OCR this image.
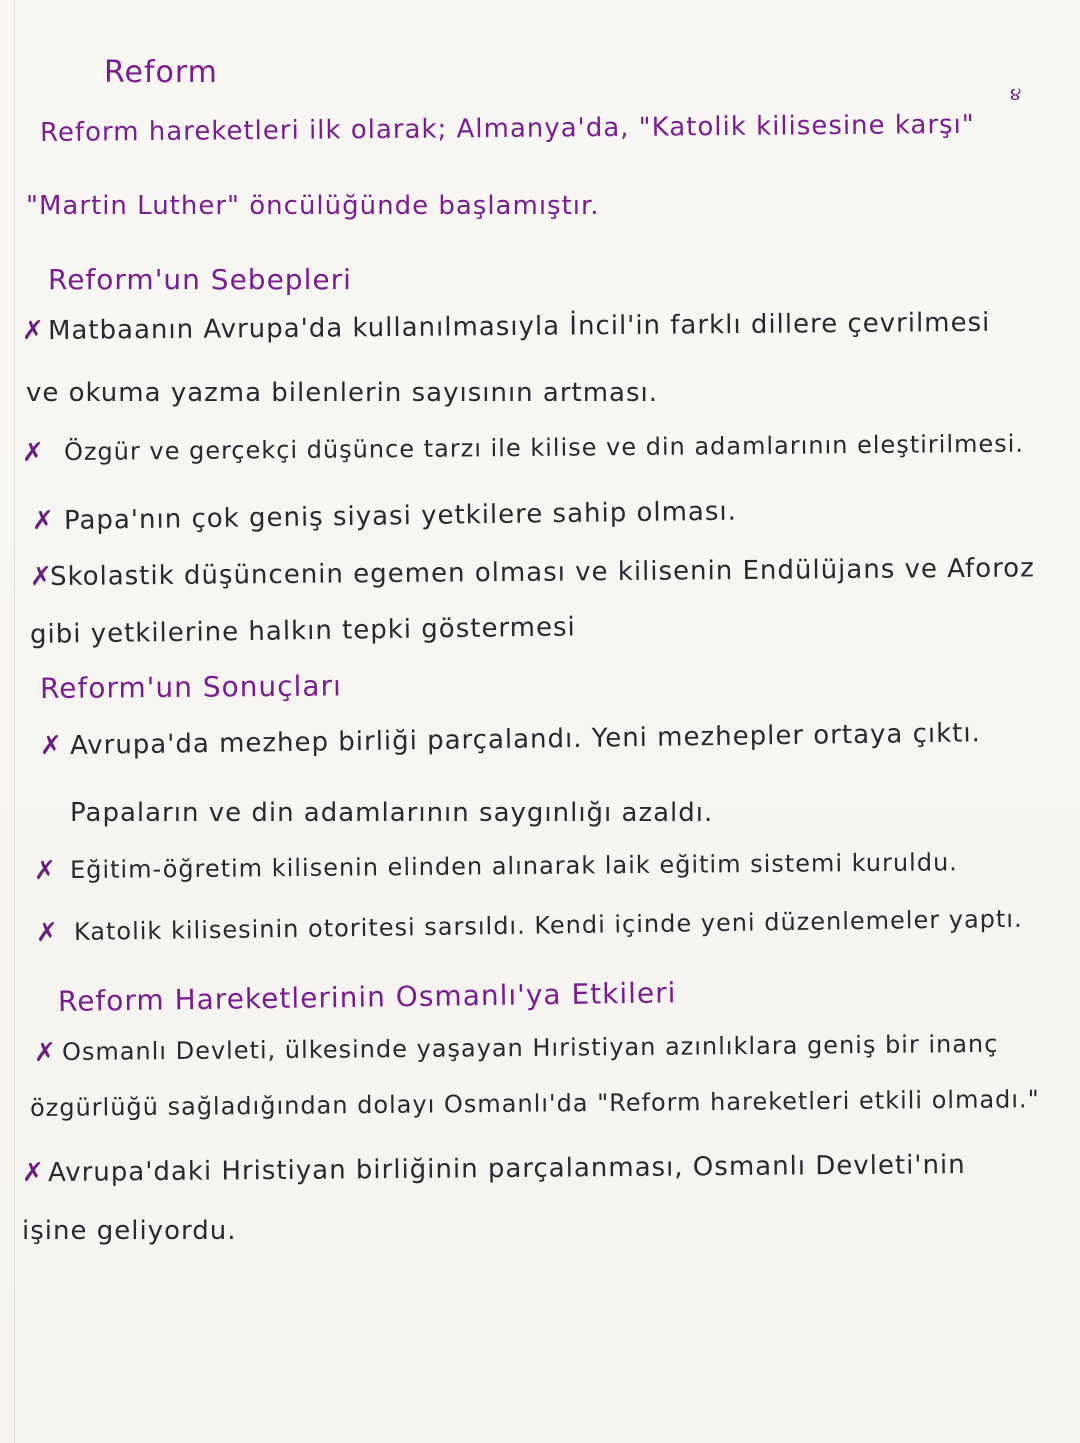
Reform
Reform hareketleri ilk olarak; Almanya'da, "Katolik kilisesine karşı"
૪
"Martin Luther" öncülüğünde başlamıştır.
Reform'un Sebepleri
✗ Matbaanın Avrupa'da kullanılmasıyla İncil'in farklı dillere çevrilmesi
ve okuma yazma bilenlerin sayısının artması.
✗ Özgür ve gerçekçi düşünce tarzı ile kilise ve din adamlarının eleştirilmesi.
✗ Papa'nın çok geniş siyasi yetkilere sahip olması.
✗
Skolastik düşüncenin egemen olması ve kilisenin Endülüjans ve Aforoz
gibi yetkilerine halkın tepki göstermesi
Reform'un Sonuçları
✗ Avrupa'da mezhep birliği parçalandı. Yeni mezhepler ortaya çıktı.
Papaların ve din adamlarının saygınlığı azaldı.
✗ Eğitim-öğretim kilisenin elinden alınarak laik eğitim sistemi kuruldu.
✗ Katolik kilisesinin otoritesi sarsıldı. Kendi içinde yeni düzenlemeler yaptı.
Reform Hareketlerinin Osmanlı'ya Etkileri
✗ Osmanlı Devleti, ülkesinde yaşayan Hıristiyan azınlıklara geniş bir inanç
özgürlüğü sağladığından dolayı Osmanlı'da "Reform hareketleri etkili olmadı."
✗ Avrupa'daki Hristiyan birliğinin parçalanması, Osmanlı Devleti'nin
işine geliyordu.
